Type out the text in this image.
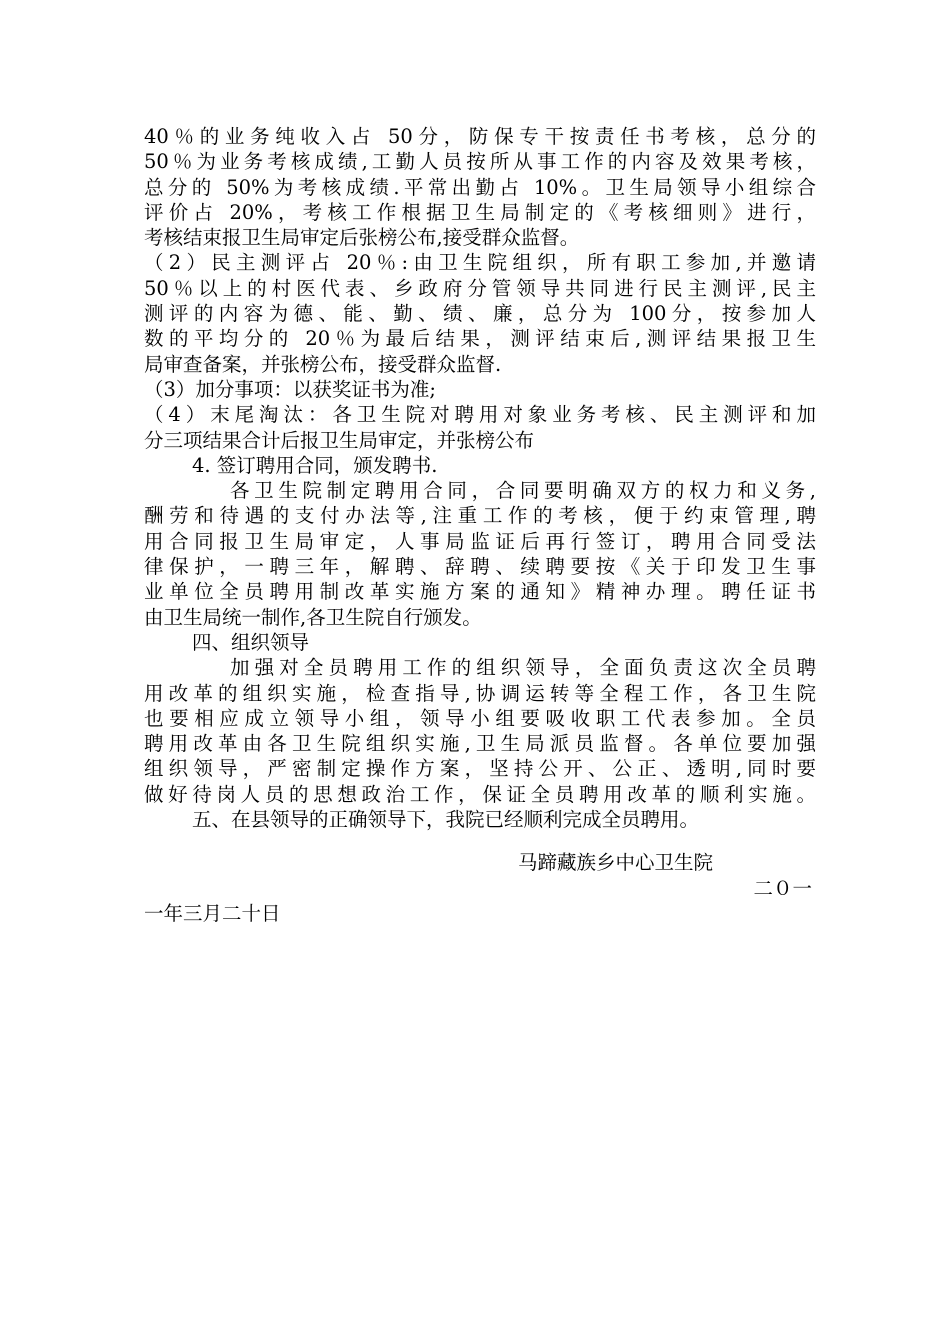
40％的业务纯收入占 50分，防保专干按责任书考核，总分的
50％为业务考核成绩,工勤人员按所从事工作的内容及效果考核，
总分的 50%为考核成绩.平常出勤占 10%。卫生局领导小组综合
评价占 20%，考核工作根据卫生局制定的《考核细则》进行，
考核结束报卫生局审定后张榜公布,接受群众监督。
（2）民主测评占 20％:由卫生院组织，所有职工参加,并邀请
50％以上的村医代表、乡政府分管领导共同进行民主测评,民主
测评的内容为德、能、勤、绩、廉，总分为 100分，按参加人
数的平均分的 20％为最后结果，测评结束后,测评结果报卫生
局审查备案，并张榜公布，接受群众监督.
（3）加分事项：以获奖证书为准;
（4）末尾淘汰：各卫生院对聘用对象业务考核、民主测评和加
分三项结果合计后报卫生局审定，并张榜公布
4. 签订聘用合同，颁发聘书.
各卫生院制定聘用合同，合同要明确双方的权力和义务,
酬劳和待遇的支付办法等,注重工作的考核，便于约束管理,聘
用合同报卫生局审定，人事局监证后再行签订，聘用合同受法
律保护，一聘三年，解聘、辞聘、续聘要按《关于印发卫生事
业单位全员聘用制改革实施方案的通知》精神办理。聘任证书
由卫生局统一制作,各卫生院自行颁发。
四、组织领导
加强对全员聘用工作的组织领导，全面负责这次全员聘
用改革的组织实施，检查指导,协调运转等全程工作，各卫生院
也要相应成立领导小组，领导小组要吸收职工代表参加。全员
聘用改革由各卫生院组织实施,卫生局派员监督。各单位要加强
组织领导，严密制定操作方案，坚持公开、公正、透明,同时要
做好待岗人员的思想政治工作，保证全员聘用改革的顺利实施。
五、在县领导的正确领导下，我院已经顺利完成全员聘用。
马蹄藏族乡中心卫生院
二０一
一年三月二十日
